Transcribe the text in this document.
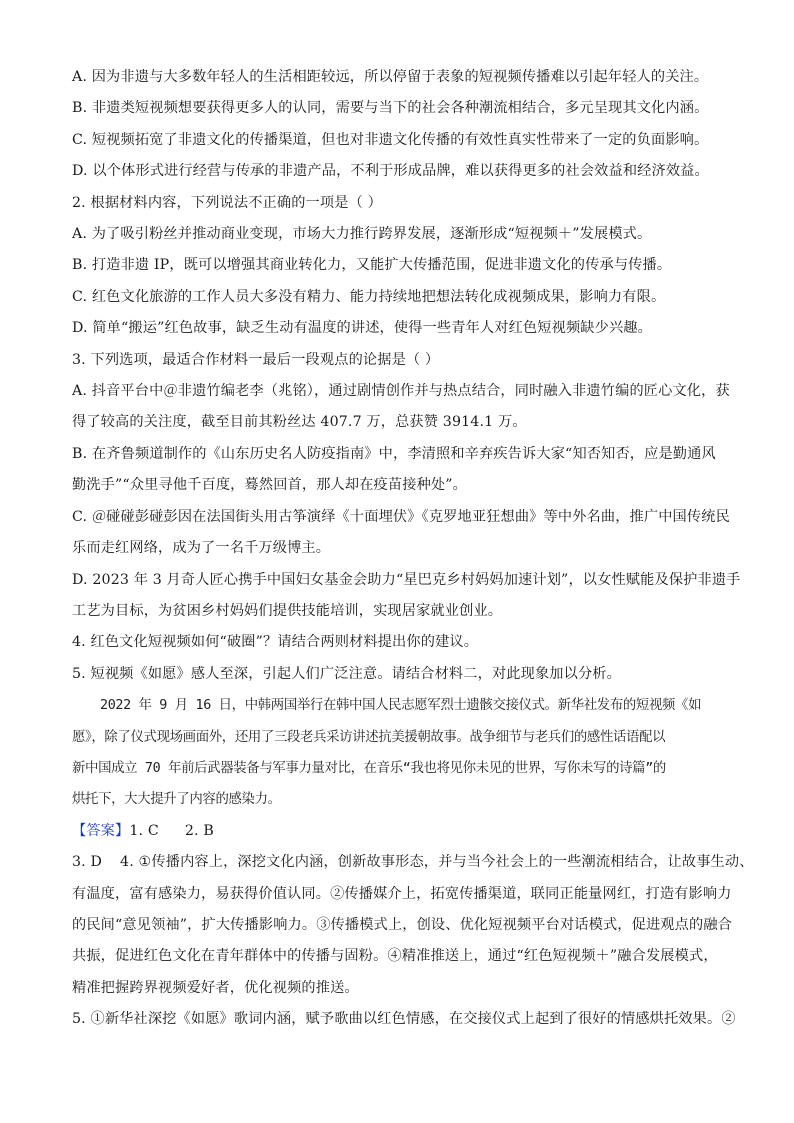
A. 因为非遗与大多数年轻人的生活相距较远，所以停留于表象的短视频传播难以引起年轻人的关注。
B. 非遗类短视频想要获得更多人的认同，需要与当下的社会各种潮流相结合，多元呈现其文化内涵。
C. 短视频拓宽了非遗文化的传播渠道，但也对非遗文化传播的有效性真实性带来了一定的负面影响。
D. 以个体形式进行经营与传承的非遗产品，不利于形成品牌，难以获得更多的社会效益和经济效益。
2. 根据材料内容，下列说法不正确的一项是（ ）
A. 为了吸引粉丝并推动商业变现，市场大力推行跨界发展，逐渐形成“短视频＋”发展模式。
B. 打造非遗 IP，既可以增强其商业转化力，又能扩大传播范围，促进非遗文化的传承与传播。
C. 红色文化旅游的工作人员大多没有精力、能力持续地把想法转化成视频成果，影响力有限。
D. 简单“搬运”红色故事，缺乏生动有温度的讲述，使得一些青年人对红色短视频缺少兴趣。
3. 下列选项，最适合作材料一最后一段观点的论据是（ ）
A. 抖音平台中＠非遗竹编老李（兆铭），通过剧情创作并与热点结合，同时融入非遗竹编的匠心文化，获
得了较高的关注度，截至目前其粉丝达 407.7 万，总获赞 3914.1 万。
B. 在齐鲁频道制作的《山东历史名人防疫指南》中，李清照和辛弃疾告诉大家“知否知否，应是勤通风
勤洗手”“众里寻他千百度，蓦然回首，那人却在疫苗接种处”。
C. ＠碰碰彭碰彭因在法国街头用古筝演绎《十面埋伏》《克罗地亚狂想曲》等中外名曲，推广中国传统民
乐而走红网络，成为了一名千万级博主。
D. 2023 年 3 月奇人匠心携手中国妇女基金会助力“星巴克乡村妈妈加速计划”，以女性赋能及保护非遗手
工艺为目标，为贫困乡村妈妈们提供技能培训，实现居家就业创业。
4. 红色文化短视频如何“破圈”？请结合两则材料提出你的建议。
5. 短视频《如愿》感人至深，引起人们广泛注意。请结合材料二，对此现象加以分析。
2022 年 9 月 16 日，中韩两国举行在韩中国人民志愿军烈士遗骸交接仪式。新华社发布的短视频《如
愿》，除了仪式现场画面外，还用了三段老兵采访讲述抗美援朝故事。战争细节与老兵们的感性话语配以
新中国成立 70 年前后武器装备与军事力量对比，在音乐“我也将见你未见的世界，写你未写的诗篇”的
烘托下，大大提升了内容的感染力。
【答案】1. C 2. B
3. D 4. ①传播内容上，深挖文化内涵，创新故事形态，并与当今社会上的一些潮流相结合，让故事生动、
有温度，富有感染力，易获得价值认同。②传播媒介上，拓宽传播渠道，联同正能量网红，打造有影响力
的民间“意见领袖”，扩大传播影响力。③传播模式上，创设、优化短视频平台对话模式，促进观点的融合
共振，促进红色文化在青年群体中的传播与固粉。④精准推送上，通过“红色短视频＋”融合发展模式，
精准把握跨界视频爱好者，优化视频的推送。
5. ①新华社深挖《如愿》歌词内涵，赋予歌曲以红色情感，在交接仪式上起到了很好的情感烘托效果。②
